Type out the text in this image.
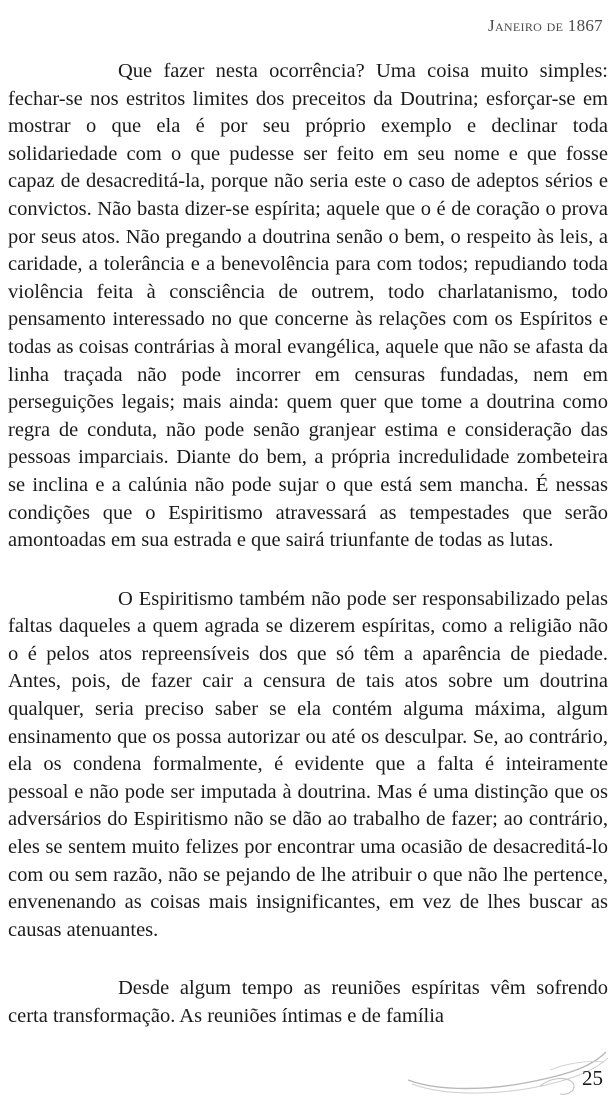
Janeiro de 1867

Que fazer nesta ocorrência? Uma coisa muito simples: fechar-se nos estritos limites dos preceitos da Doutrina; esforçar-se em mostrar o que ela é por seu próprio exemplo e declinar toda solidariedade com o que pudesse ser feito em seu nome e que fosse capaz de desacreditá-la, porque não seria este o caso de adeptos sérios e convictos. Não basta dizer-se espírita; aquele que o é de coração o prova por seus atos. Não pregando a doutrina senão o bem, o respeito às leis, a caridade, a tolerância e a benevolência para com todos; repudiando toda violência feita à consciência de outrem, todo charlatanismo, todo pensamento interessado no que concerne às relações com os Espíritos e todas as coisas contrárias à moral evangélica, aquele que não se afasta da linha traçada não pode incorrer em censuras fundadas, nem em perseguições legais; mais ainda: quem quer que tome a doutrina como regra de conduta, não pode senão granjear estima e consideração das pessoas imparciais. Diante do bem, a própria incredulidade zombeteira se inclina e a calúnia não pode sujar o que está sem mancha. É nessas condições que o Espiritismo atravessará as tempestades que serão amontoadas em sua estrada e que sairá triunfante de todas as lutas.

O Espiritismo também não pode ser responsabilizado pelas faltas daqueles a quem agrada se dizerem espíritas, como a religião não o é pelos atos repreensíveis dos que só têm a aparência de piedade. Antes, pois, de fazer cair a censura de tais atos sobre um doutrina qualquer, seria preciso saber se ela contém alguma máxima, algum ensinamento que os possa autorizar ou até os desculpar. Se, ao contrário, ela os condena formalmente, é evidente que a falta é inteiramente pessoal e não pode ser imputada à doutrina. Mas é uma distinção que os adversários do Espiritismo não se dão ao trabalho de fazer; ao contrário, eles se sentem muito felizes por encontrar uma ocasião de desacreditá-lo com ou sem razão, não se pejando de lhe atribuir o que não lhe pertence, envenenando as coisas mais insignificantes, em vez de lhes buscar as causas atenuantes.

Desde algum tempo as reuniões espíritas vêm sofrendo certa transformação. As reuniões íntimas e de família

25
